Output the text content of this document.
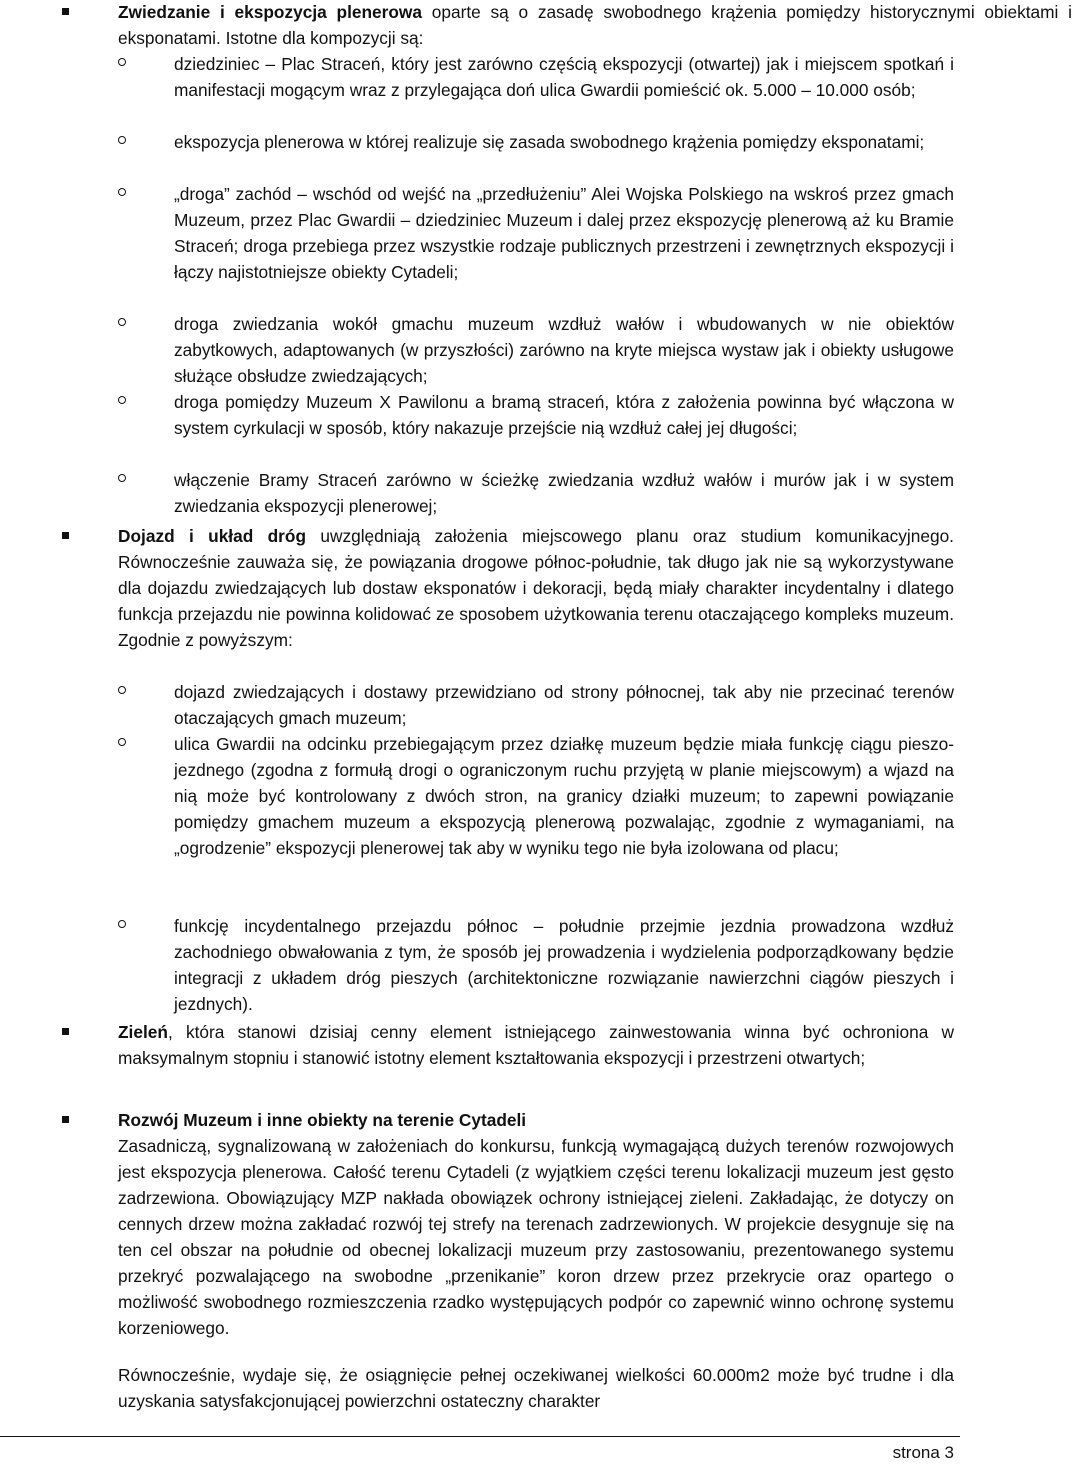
Zwiedzanie i ekspozycja plenerowa oparte są o zasadę swobodnego krążenia pomiędzy historycznymi obiektami i eksponatami. Istotne dla kompozycji są:
dziedziniec – Plac Straceń, który jest zarówno częścią ekspozycji (otwartej) jak i miejscem spotkań i manifestacji mogącym wraz z przylegająca doń ulica Gwardii pomieścić ok. 5.000 – 10.000 osób;
ekspozycja plenerowa w której realizuje się zasada swobodnego krążenia pomiędzy eksponatami;
„droga” zachód – wschód od wejść na „przedłużeniu” Alei Wojska Polskiego na wskroś przez gmach Muzeum, przez Plac Gwardii – dziedziniec Muzeum i dalej przez ekspozycję plenerową aż ku Bramie Straceń; droga przebiega przez wszystkie rodzaje publicznych przestrzeni i zewnętrznych ekspozycji i łączy najistotniejsze obiekty Cytadeli;
droga zwiedzania wokół gmachu muzeum wzdłuż wałów i wbudowanych w nie obiektów zabytkowych, adaptowanych (w przyszłości) zarówno na kryte miejsca wystaw jak i obiekty usługowe służące obsłudze zwiedzających;
droga pomiędzy Muzeum X Pawilonu a bramą straceń, która z założenia powinna być włączona w system cyrkulacji w sposób, który nakazuje przejście nią wzdłuż całej jej długości;
włączenie Bramy Straceń zarówno w ścieżkę zwiedzania wzdłuż wałów i murów jak i w system zwiedzania ekspozycji plenerowej;
Dojazd i układ dróg uwzględniają założenia miejscowego planu oraz studium komunikacyjnego. Równocześnie zauważa się, że powiązania drogowe północ-południe, tak długo jak nie są wykorzystywane dla dojazdu zwiedzających lub dostaw eksponatów i dekoracji, będą miały charakter incydentalny i dlatego funkcja przejazdu nie powinna kolidować ze sposobem użytkowania terenu otaczającego kompleks muzeum. Zgodnie z powyższym:
dojazd zwiedzających i dostawy przewidziano od strony północnej, tak aby nie przecinać terenów otaczających gmach muzeum;
ulica Gwardii na odcinku przebiegającym przez działkę muzeum będzie miała funkcję ciągu pieszo-jezdnego (zgodna z formułą drogi o ograniczonym ruchu przyjętą w planie miejscowym) a wjazd na nią może być kontrolowany z dwóch stron, na granicy działki muzeum; to zapewni powiązanie pomiędzy gmachem muzeum a ekspozycją plenerową pozwalając, zgodnie z wymaganiami, na „ogrodzenie” ekspozycji plenerowej tak aby w wyniku tego nie była izolowana od placu;
funkcję incydentalnego przejazdu północ – południe przejmie jezdnia prowadzona wzdłuż zachodniego obwałowania z tym, że sposób jej prowadzenia i wydzielenia podporządkowany będzie integracji z układem dróg pieszych (architektoniczne rozwiązanie nawierzchni ciągów pieszych i jezdnych).
Zieleń, która stanowi dzisiaj cenny element istniejącego zainwestowania winna być ochroniona w maksymalnym stopniu i stanowić istotny element kształtowania ekspozycji i przestrzeni otwartych;
Rozwój Muzeum i inne obiekty na terenie Cytadeli
Zasadniczą, sygnalizowaną w założeniach do konkursu, funkcją wymagającą dużych terenów rozwojowych jest ekspozycja plenerowa. Całość terenu Cytadeli (z wyjątkiem części terenu lokalizacji muzeum jest gęsto zadrzewiona. Obowiązujący MZP nakłada obowiązek ochrony istniejącej zieleni. Zakładając, że dotyczy on cennych drzew można zakładać rozwój tej strefy na terenach zadrzewionych. W projekcie desygnuje się na ten cel obszar na południe od obecnej lokalizacji muzeum przy zastosowaniu, prezentowanego systemu przekryć pozwalającego na swobodne „przenikanie” koron drzew przez przekrycie oraz opartego o możliwość swobodnego rozmieszczenia rzadko występujących podpór co zapewnić winno ochronę systemu korzeniowego.
Równocześnie, wydaje się, że osiągnięcie pełnej oczekiwanej wielkości 60.000m2 może być trudne i dla uzyskania satysfakcjonującej powierzchni ostateczny charakter
strona 3
